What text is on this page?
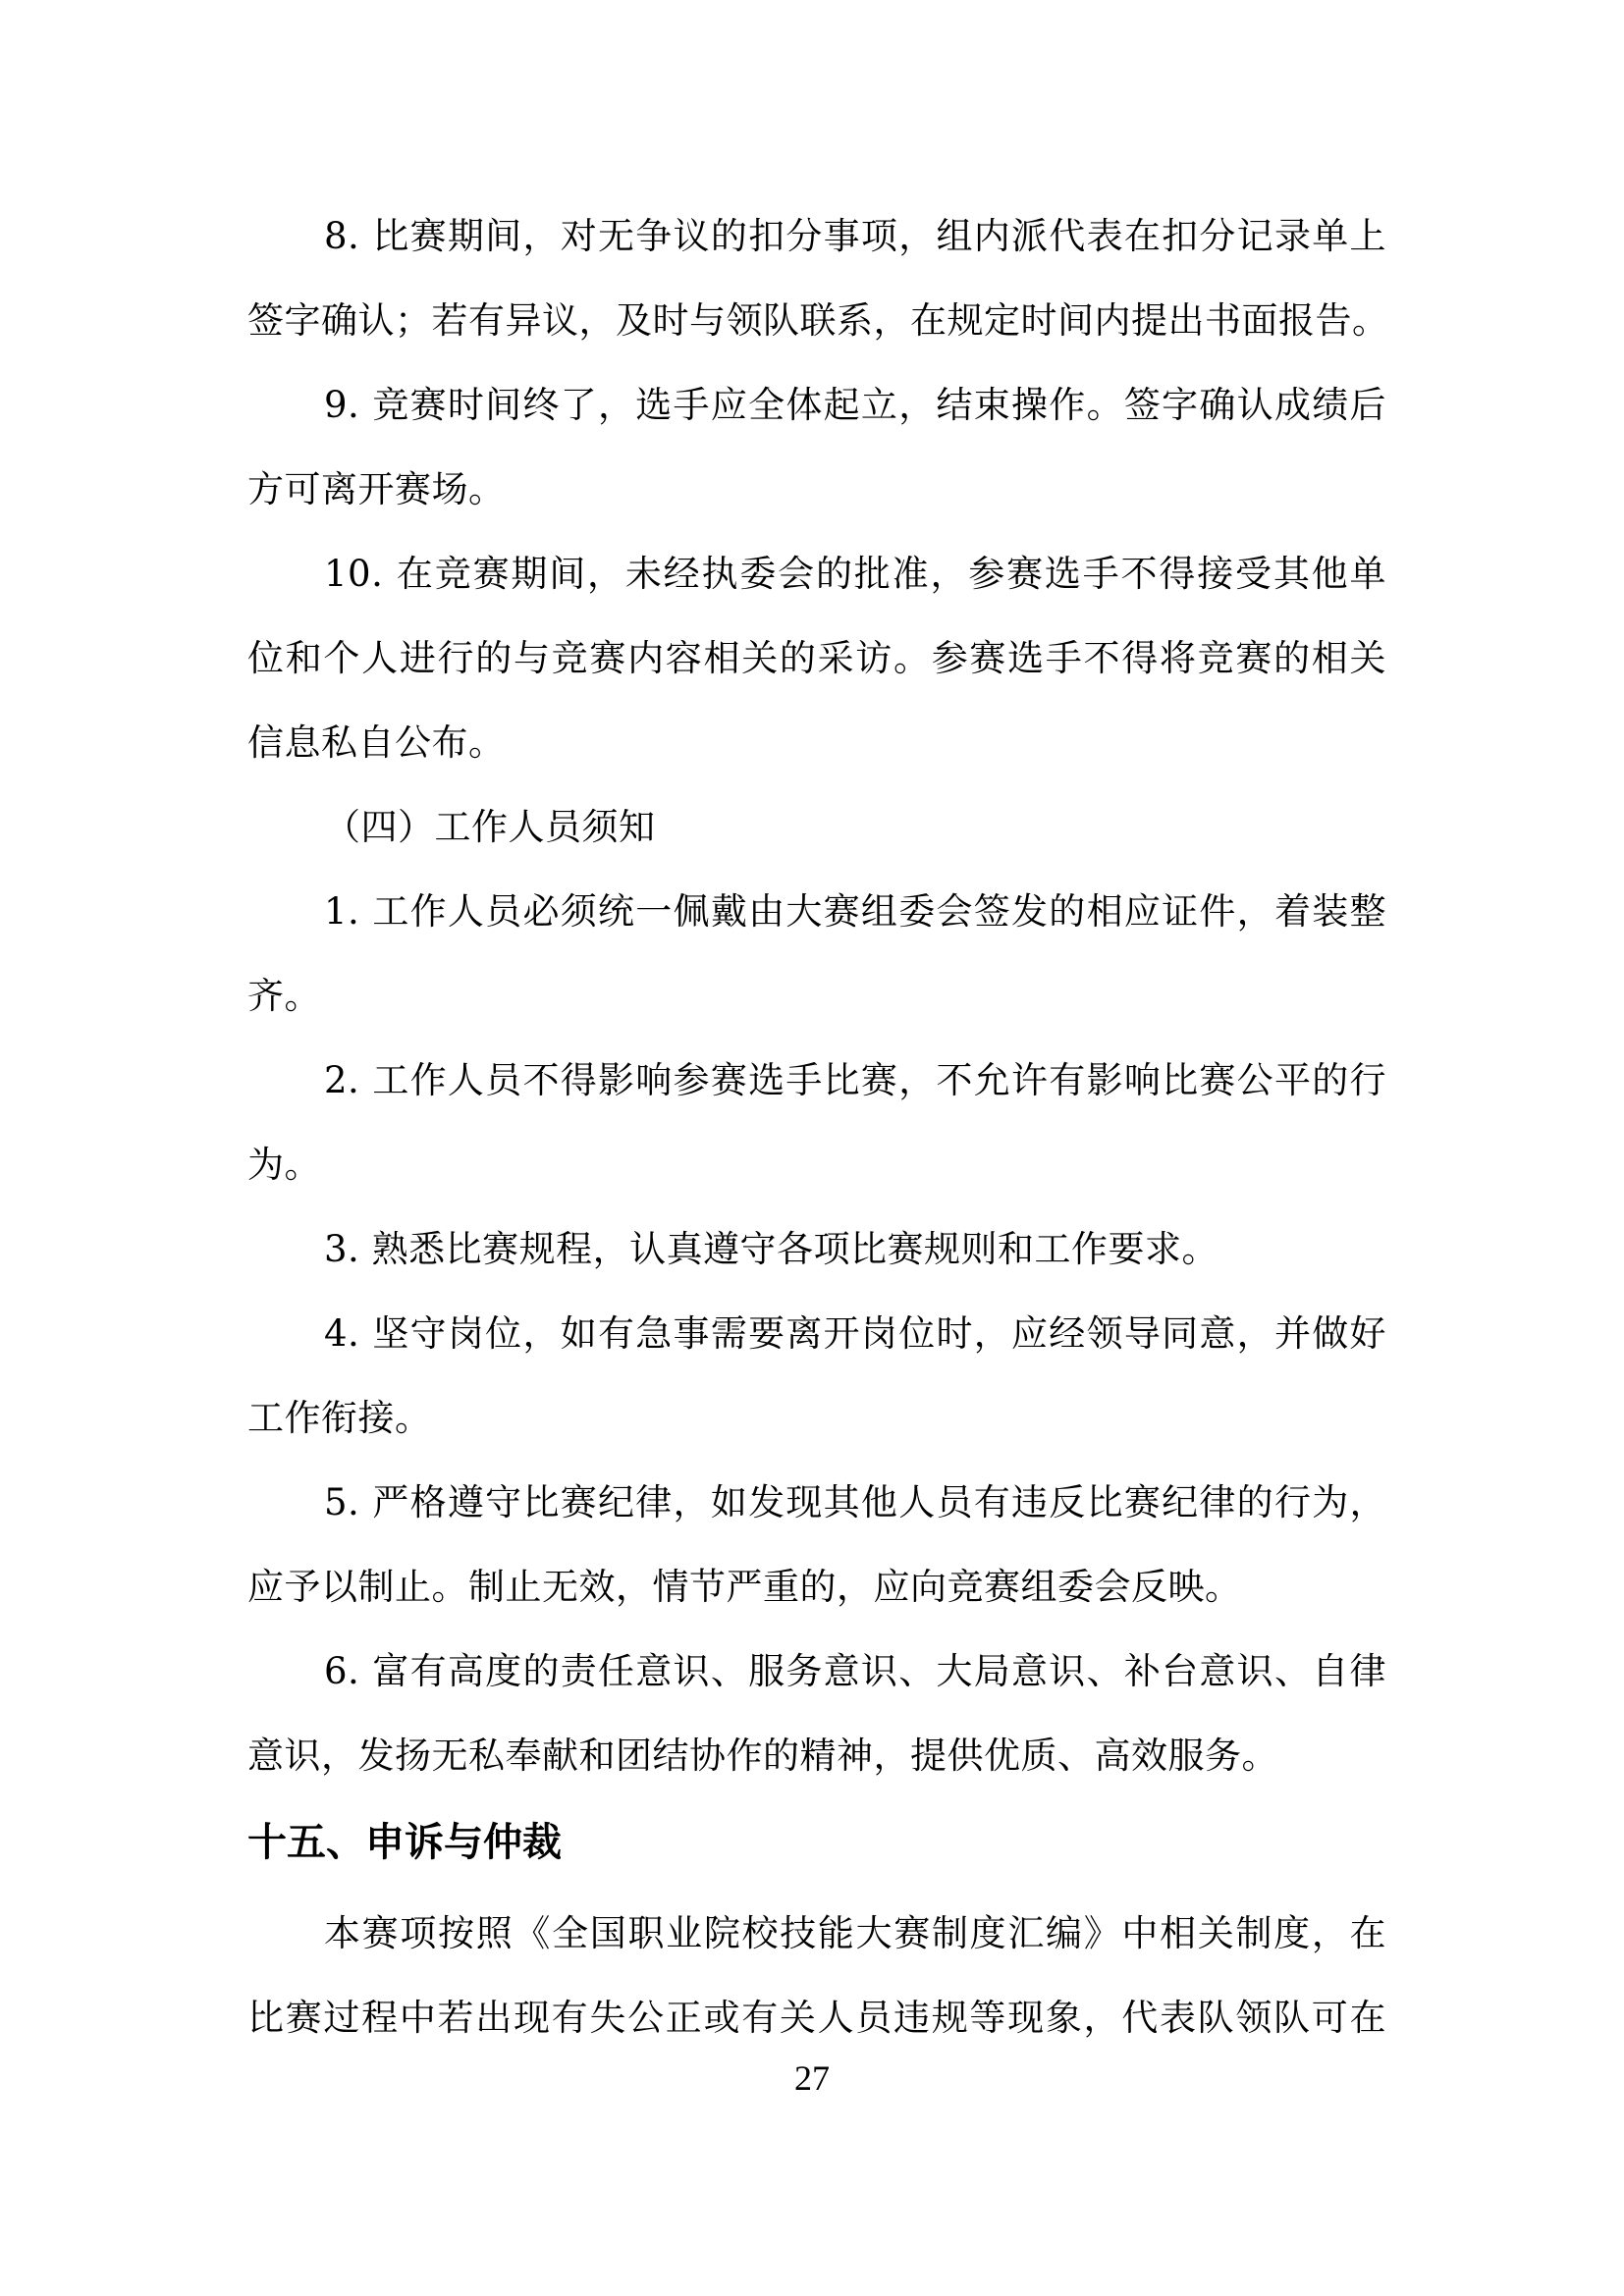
8. 比赛期间，对无争议的扣分事项，组内派代表在扣分记录单上
签字确认；若有异议，及时与领队联系，在规定时间内提出书面报告。
9. 竞赛时间终了，选手应全体起立，结束操作。签字确认成绩后
方可离开赛场。
10. 在竞赛期间，未经执委会的批准，参赛选手不得接受其他单
位和个人进行的与竞赛内容相关的采访。参赛选手不得将竞赛的相关
信息私自公布。
（四）工作人员须知
1. 工作人员必须统一佩戴由大赛组委会签发的相应证件，着装整
齐。
2. 工作人员不得影响参赛选手比赛，不允许有影响比赛公平的行
为。
3. 熟悉比赛规程，认真遵守各项比赛规则和工作要求。
4. 坚守岗位，如有急事需要离开岗位时，应经领导同意，并做好
工作衔接。
5. 严格遵守比赛纪律，如发现其他人员有违反比赛纪律的行为，
应予以制止。制止无效，情节严重的，应向竞赛组委会反映。
6. 富有高度的责任意识、服务意识、大局意识、补台意识、自律
意识，发扬无私奉献和团结协作的精神，提供优质、高效服务。
十五、申诉与仲裁
本赛项按照《全国职业院校技能大赛制度汇编》中相关制度，在
比赛过程中若出现有失公正或有关人员违规等现象，代表队领队可在
27
